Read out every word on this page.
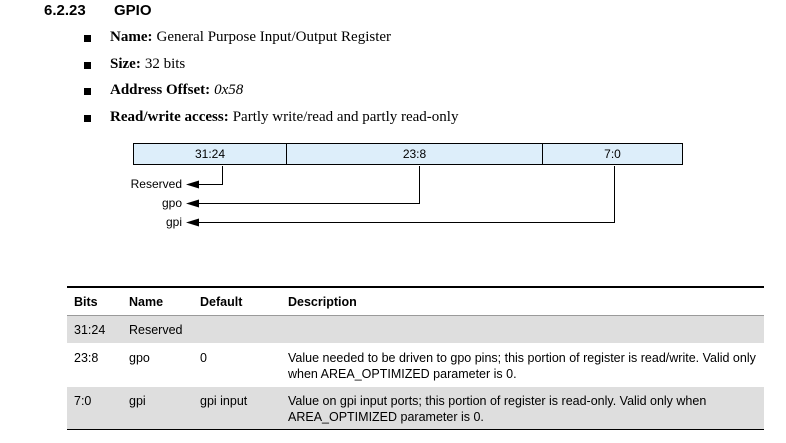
6.2.23 GPIO
Name: General Purpose Input/Output Register
Size: 32 bits
Address Offset: 0x58
Read/write access: Partly write/read and partly read-only
31:24	23:8	7:0
Reserved
gpo
gpi
Bits	Name	Default	Description
31:24	Reserved
23:8	gpo	0	Value needed to be driven to gpo pins; this portion of register is read/write. Valid only when AREA_OPTIMIZED parameter is 0.
7:0	gpi	gpi input	Value on gpi input ports; this portion of register is read-only. Valid only when AREA_OPTIMIZED parameter is 0.
